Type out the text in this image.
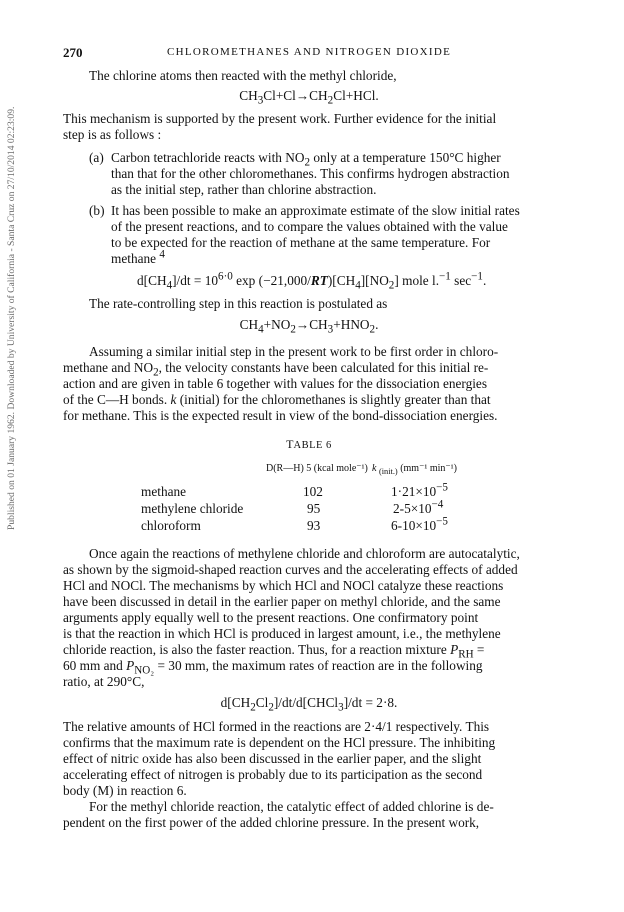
Published on 01 January 1962. Downloaded by University of California - Santa Cruz on 27/10/2014 02:23:09.
270	CHLOROMETHANES AND NITROGEN DIOXIDE
The chlorine atoms then reacted with the methyl chloride,
$CH_3Cl+Cl\to CH_2Cl+HCl$.
This mechanism is supported by the present work. Further evidence for the initial
step is as follows :
(a) Carbon tetrachloride reacts with $NO_2$ only at a temperature 150°C higher
than that for the other chloromethanes. This confirms hydrogen abstraction
as the initial step, rather than chlorine abstraction.
(b) It has been possible to make an approximate estimate of the slow initial rates
of the present reactions, and to compare the values obtained with the value
to be expected for the reaction of methane at the same temperature. For
methane $^4$
$d[CH_4]/dt = 10^{6\cdot 0}$ $\exp (-21,000/RT)[CH_4][NO_2]$ mole l.$^{-1}$ $\sec^{-1}$.
The rate-controlling step in this reaction is postulated as
$CH_4+NO_2\to CH_3+HNO_2$.
Assuming a similar initial step in the present work to be first order in chloro-
methane and $NO_2$, the velocity constants have been calculated for this initial re-
action and are given in table 6 together with values for the dissociation energies
of the C—H bonds. k (initial) for the chloromethanes is slightly greater than that
for methane. This is the expected result in view of the bond-dissociation energies.
TABLE 6
D(R—H) 5 (kcal mole⁻¹) k $_{(init.)}$ (mm⁻¹ min⁻¹)
methane	102	$1\cdot 21\times 10^{-5}$
methylene chloride	95	$2-5\times 10^{-4}$
chloroform	93	$6-10\times 10^{-5}$
Once again the reactions of methylene chloride and chloroform are autocatalytic,
as shown by the sigmoid-shaped reaction curves and the accelerating effects of added
HCl and NOCl. The mechanisms by which HCl and NOCl catalyze these reactions
have been discussed in detail in the earlier paper on methyl chloride, and the same
arguments apply equally well to the present reactions. One confirmatory point
is that the reaction in which HCl is produced in largest amount, i.e., the methylene
chloride reaction, is also the faster reaction. Thus, for a reaction mixture $P_{RH}$ =
60 mm and $P_{NO_2} = 30$ mm, the maximum rates of reaction are in the following
ratio, at 290°C,
$d[CH_2Cl_2]/dt/d[CHCl_3]/dt = 2\cdot 8$.
The relative amounts of HCl formed in the reactions are 2·4/1 respectively. This
confirms that the maximum rate is dependent on the HCl pressure. The inhibiting
effect of nitric oxide has also been discussed in the earlier paper, and the slight
accelerating effect of nitrogen is probably due to its participation as the second
body (M) in reaction 6.
For the methyl chloride reaction, the catalytic effect of added chlorine is de-
pendent on the first power of the added chlorine pressure. In the present work,
